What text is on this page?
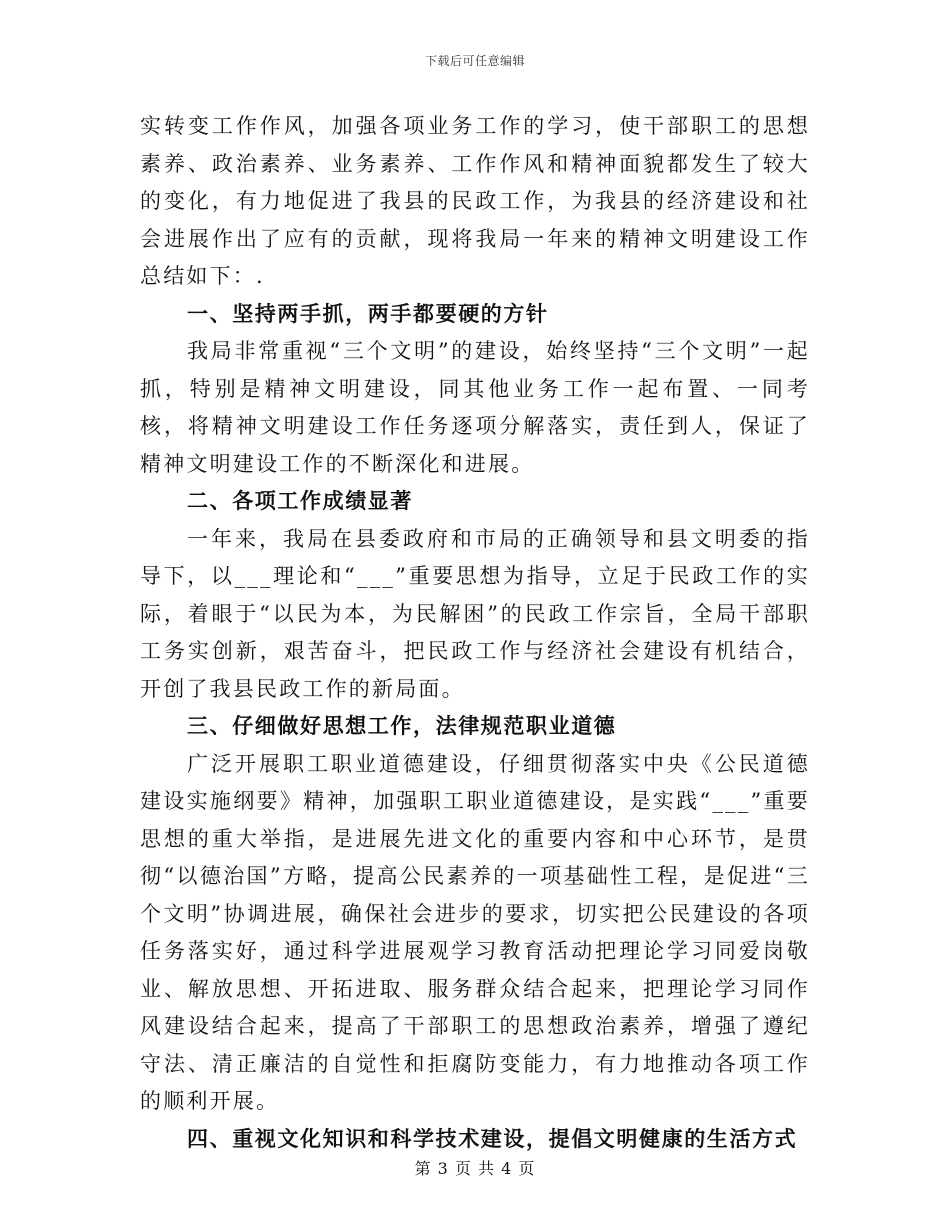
下载后可任意编辑

实转变工作作风，加强各项业务工作的学习，使干部职工的思想素养、政治素养、业务素养、工作作风和精神面貌都发生了较大的变化，有力地促进了我县的民政工作，为我县的经济建设和社会进展作出了应有的贡献，现将我局一年来的精神文明建设工作总结如下：.

一、坚持两手抓，两手都要硬的方针

我局非常重视“三个文明”的建设，始终坚持“三个文明”一起抓，特别是精神文明建设，同其他业务工作一起布置、一同考核，将精神文明建设工作任务逐项分解落实，责任到人，保证了精神文明建设工作的不断深化和进展。

二、各项工作成绩显著

一年来，我局在县委政府和市局的正确领导和县文明委的指导下，以___理论和“___”重要思想为指导，立足于民政工作的实际，着眼于“以民为本，为民解困”的民政工作宗旨，全局干部职工务实创新，艰苦奋斗，把民政工作与经济社会建设有机结合，开创了我县民政工作的新局面。

三、仔细做好思想工作，法律规范职业道德

广泛开展职工职业道德建设，仔细贯彻落实中央《公民道德建设实施纲要》精神，加强职工职业道德建设，是实践“___”重要思想的重大举指，是进展先进文化的重要内容和中心环节，是贯彻“以德治国”方略，提高公民素养的一项基础性工程，是促进“三个文明”协调进展，确保社会进步的要求，切实把公民建设的各项任务落实好，通过科学进展观学习教育活动把理论学习同爱岗敬业、解放思想、开拓进取、服务群众结合起来，把理论学习同作风建设结合起来，提高了干部职工的思想政治素养，增强了遵纪守法、清正廉洁的自觉性和拒腐防变能力，有力地推动各项工作的顺利开展。

四、重视文化知识和科学技术建设，提倡文明健康的生活方式

第 3 页 共 4 页
